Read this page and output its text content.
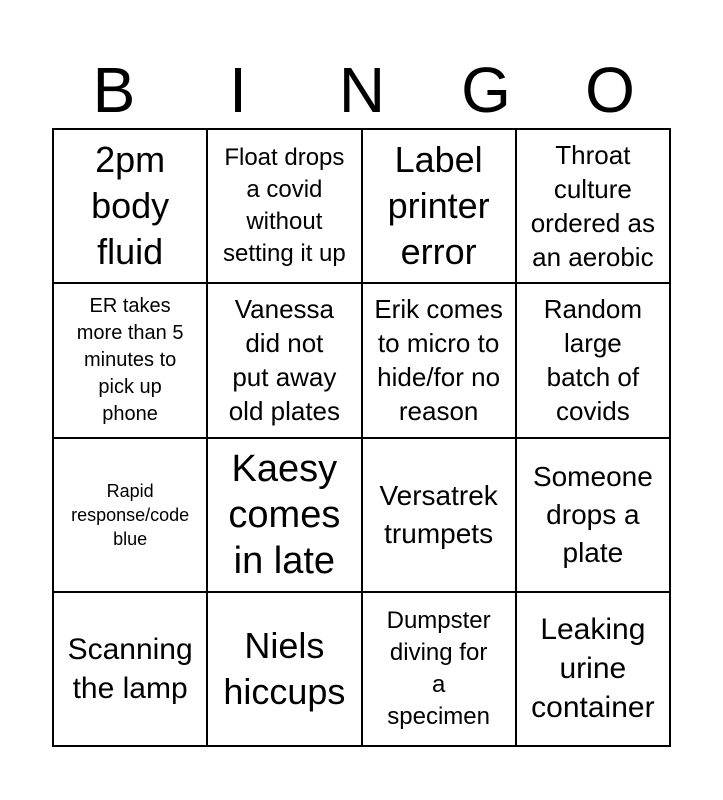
B	I	N	G	O
2pm
body
fluid
Float drops
a covid
without
setting it up
Label
printer
error
Throat
culture
ordered as
an aerobic
ER takes
more than 5
minutes to
pick up
phone
Vanessa
did not
put away
old plates
Erik comes
to micro to
hide/for no
reason
Random
large
batch of
covids
Rapid
response/code
blue
Kaesy
comes
in late
Versatrek
trumpets
Someone
drops a
plate
Scanning
the lamp
Niels
hiccups
Dumpster
diving for
a
specimen
Leaking
urine
container
